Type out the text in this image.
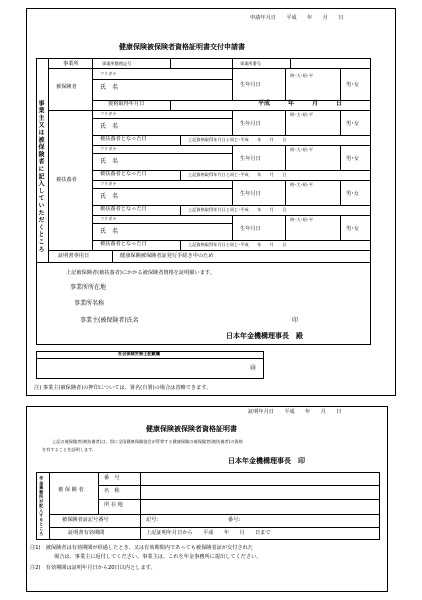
申請年月日　　平成　　年　　月　　日
健康保険被保険者資格証明書交付申請書
事業主又は被保険者に記入していただくところ
事業所	事業所整理記号	事業所番号
被保険者
フリガナ
氏　名	生年月日
明･大･昭･平
男･女
資格取得年月日	平成　　　年　　　月　　　日
被扶養者
フリガナ
氏　名	生年月日
明･大･昭･平
男･女
被扶養者となった日	上記資格取得年月日と同じ･平成　　年　　月　　日
フリガナ
氏　名	生年月日
明･大･昭･平
男･女
被扶養者となった日	上記資格取得年月日と同じ･平成　　年　　月　　日
フリガナ
氏　名	生年月日
明･大･昭･平
男･女
被扶養者となった日	上記資格取得年月日と同じ･平成　　年　　月　　日
フリガナ
氏　名	生年月日
明･大･昭･平
男･女
被扶養者となった日	上記資格取得年月日と同じ･平成　　年　　月　　日
証明書専用日	健康保険被保険者証発行手続き中のため
上記被保険者(被扶養者)にかかる被保険者資格を証明願います。
事業所所在地
事業所名称
事業主(被保険者)氏名	印
日本年金機構理事長　殿
社会保険労務士記載欄
㊞
注) 事業主(被保険者)の押印については、署名(自署)の場合は省略できます。
証明年月日　　平成　　年　　月　　日
健康保険被保険者資格証明書
上記の被保険者(被扶養者)は、別に全国健康保険協会が管掌する健康保険の被保険者(被扶養者)の資格
を有することを証明します。
日本年金機構理事長　印
年金事務所が記入するところ	被 保 険 者
番　号
名　称
所 在 地
被保険者証記号番号	記号:	番号:
証明書有効期間	上記証明年月日から　　平成　　年　　月　　日まで
注1)　被保険者は有効期間が経過したとき、又は有効期間内であっても被保険者証が交付された
場合は、事業主に返付してください。事業主は、これを年金事務所に提出してください。
注2)　有効期間は証明年月日から20日以内とします。
